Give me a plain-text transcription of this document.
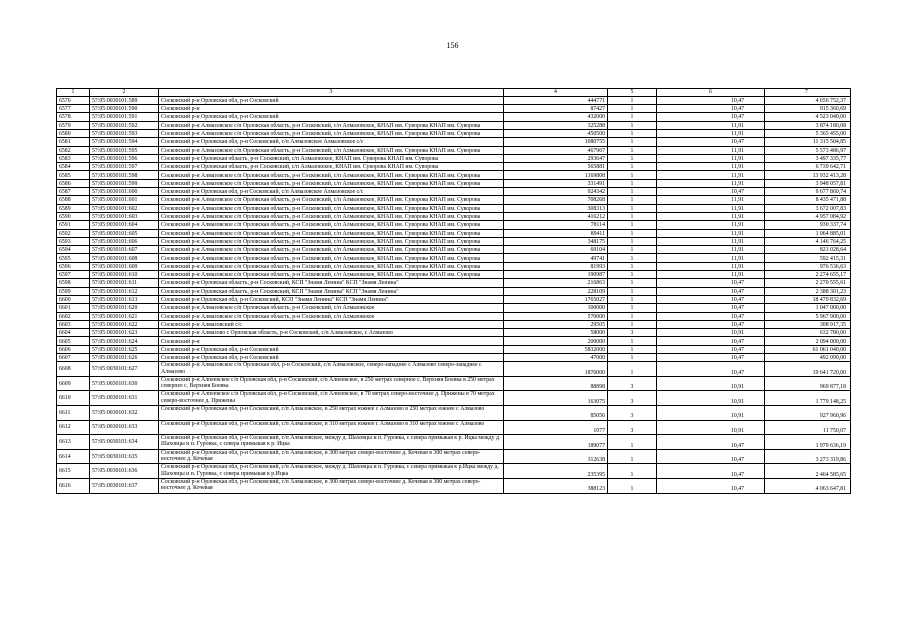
156
1	2	3	4	5	6	7
6576	57:05:0030101:589	Сосковский р-н Орловская обл, р-н Сосковский	444771	1	10,47	4 656 752,37
6577	57:05:0030101:590	Сосковский р-н	87427	1	10,47	915 360,69
6578	57:05:0030101:591	Сосковский р-н Орловская обл, р-н Сосковский	432000	1	10,47	4 523 040,00
6579	57:05:0030101:592	Сосковский р-н Алмазовское с/п Орловская область, р-н Сосковский, с/п Алмазовское, КНАП им. Суворова КНАП им. Суворова	325288	1	11,91	3 874 180,08
6580	57:05:0030101:593	Сосковский р-н Алмазовское с/п Орловская область, р-н Сосковский, с/п Алмазовское, КНАП им. Суворова КНАП им. Суворова	450500	1	11,91	5 365 455,00
6581	57:05:0030101:594	Сосковский р-н Орловская обл, р-н Сосковский, с/п Алмазовское Алмазовское с/с	1080755	1	10,47	11 315 504,85
6582	57:05:0030101:595	Сосковский р-н Алмазовское с/п Орловская область, р-н Сосковский, с/п Алмазовское, КНАП им. Суворова КНАП им. Суворова	467967	1	11,91	5 573 486,97
6583	57:05:0030101:596	Сосковский р-н Орловская область, р-н Сосковский, с/п Алмазовское, КНАП им. Суворова КНАП им. Суворова	293647	1	11,91	3 497 335,77
6584	57:05:0030101:597	Сосковский р-н Орловская область, р-н Сосковский, с/п Алмазовское, КНАП им. Суворова КНАП им. Суворова	565881	1	11,91	6 739 642,71
6585	57:05:0030101:598	Сосковский р-н Алмазовское с/п Орловская область, р-н Сосковский, с/п Алмазовское, КНАП им. Суворова КНАП им. Суворова	1169808	1	11,91	13 932 413,28
6586	57:05:0030101:599	Сосковский р-н Алмазовское с/п Орловская область, р-н Сосковский, с/п Алмазовское, КНАП им. Суворова КНАП им. Суворова	331491	1	11,91	3 948 057,81
6587	57:05:0030101:600	Сосковский р-н Орловская обл, р-н Сосковский, с/п Алмазовское Алмазовское с/с	924342	1	10,47	9 677 860,74
6588	57:05:0030101:601	Сосковский р-н Алмазовское с/п Орловская область, р-н Сосковский, с/п Алмазовское, КНАП им. Суворова КНАП им. Суворова	708268	1	11,91	8 435 471,88
6589	57:05:0030101:602	Сосковский р-н Алмазовское с/п Орловская область, р-н Сосковский, с/п Алмазовское, КНАП им. Суворова КНАП им. Суворова	308313	1	11,91	3 672 007,83
6590	57:05:0030101:603	Сосковский р-н Алмазовское с/п Орловская область, р-н Сосковский, с/п Алмазовское, КНАП им. Суворова КНАП им. Суворова	416212	1	11,91	4 957 084,92
6591	57:05:0030101:604	Сосковский р-н Алмазовское с/п Орловская область, р-н Сосковский, с/п Алмазовское, КНАП им. Суворова КНАП им. Суворова	78114	1	11,91	930 337,74
6592	57:05:0030101:605	Сосковский р-н Алмазовское с/п Орловская область, р-н Сосковский, с/п Алмазовское, КНАП им. Суворова КНАП им. Суворова	89411	1	11,91	1 064 885,01
6593	57:05:0030101:606	Сосковский р-н Алмазовское с/п Орловская область, р-н Сосковский, с/п Алмазовское, КНАП им. Суворова КНАП им. Суворова	348175	1	11,91	4 146 764,25
6594	57:05:0030101:607	Сосковский р-н Алмазовское с/п Орловская область, р-н Сосковский, с/п Алмазовское, КНАП им. Суворова КНАП им. Суворова	69104	1	11,91	823 028,64
6595	57:05:0030101:608	Сосковский р-н Алмазовское с/п Орловская область, р-н Сосковский, с/п Алмазовское, КНАП им. Суворова КНАП им. Суворова	49741	1	11,91	592 415,31
6596	57:05:0030101:609	Сосковский р-н Алмазовское с/п Орловская область, р-н Сосковский, с/п Алмазовское, КНАП им. Суворова КНАП им. Суворова	81993	1	11,91	976 536,63
6597	57:05:0030101:610	Сосковский р-н Алмазовское с/п Орловская область, р-н Сосковский, с/п Алмазовское, КНАП им. Суворова КНАП им. Суворова	190987	1	11,91	2 274 655,17
6598	57:05:0030101:611	Сосковский р-н Орловская область, р-н Сосковский, КСП "Знамя Ленина" КСП "Знамя Ленина"	216863	1	10,47	2 270 555,61
6599	57:05:0030101:612	Сосковский р-н Орловская область, р-н Сосковский, КСП "Знамя Ленина" КСП "Знамя Ленина"	228109	1	10,47	2 388 301,23
6600	57:05:0030101:613	Сосковский р-н Орловская обл, р-н Сосковский, КСП "Знамя Ленина" КСП "Знамя Ленина"	1765027	1	10,47	18 479 832,69
6601	57:05:0030101:620	Сосковский р-н Алмазовское с/п Орловская область, р-н Сосковский, с/п Алмазовское	100000	1	10,47	1 047 000,00
6602	57:05:0030101:621	Сосковский р-н Алмазовское с/п Орловская область, р-н Сосковский, с/п Алмазовское	570000	1	10,47	5 967 900,00
6603	57:05:0030101:622	Сосковский р-н Алмазовский с/с	29505	1	10,47	308 917,35
6604	57:05:0030101:623	Сосковский р-н Алмазово с Орловская область, р-н Сосковский, с/п Алмазовское, с Алмазово	58000	3	10,91	632 780,00
6605	57:05:0030101:624	Сосковский р-н	200000	1	10,47	2 094 000,00
6606	57:05:0030101:625	Сосковский р-н Орловская обл, р-н Сосковский	5832000	1	10,47	61 061 040,00
6607	57:05:0030101:626	Сосковский р-н Орловская обл, р-н Сосковский	47000	1	10,47	492 090,00
6608	57:05:0030101:627	Сосковский р-н Алмазовское с/п Орловская обл, р-н Сосковский, с/п Алмазовское, северо-западнее с Алмазово северо-западнее с Алмазово	1876000	1	10,47	19 641 720,00
6609	57:05:0030101:630	Сосковский р-н Алпеевское с/п Орловская обл, р-н Сосковский, с/п Алпеевское, в 250 метрах северное с. Верхняя Боевка в 250 метрах северпее с. Верхняя Боевка	88898	3	10,91	969 877,18
6610	57:05:0030101:631	Сосковский р-н Алпеевское с/п Орловская обл, р-н Сосковский, с/п Алпеевское, в 70 метрах северо-восточнее д. Прижены в 70 метрах северо-восточнее д. Прижены	163075	3	10,91	1 779 148,25
6611	57:05:0030101:632	Сосковский р-н Орловская обл, р-н Сосковский, с/п Алмазовское, в 250 метрах южнее с Алмазово в 250 метрах южнее с Алмазово	85056	3	10,91	927 960,96
6612	57:05:0030101:633	Сосковский р-н Орловская обл, р-н Сосковский, с/п Алмазовское, в 310 метрах южнее с Алмазово в 310 метрах южнее с Алмазово	1077	3	10,91	11 750,07
6613	57:05:0030101:634	Сосковский р-н Орловская обл, р-н Сосковский, с/п Алмазовское, между д. Шаховцы и п. Гуровка, с севера примыкая к р. Ицка между д. Шаховцы и п. Гуровка, с севера примыкая к р. Ицка	189077	1	10,47	1 979 636,19
6614	57:05:0030101:635	Сосковский р-н Орловская обл, р-н Сосковский, с/п Алмазовское, в 300 метрах северо-восточнее д. Кочевая в 300 метрах северо-восточнее д. Кочевая	312638	1	10,47	3 273 319,86
6615	57:05:0030101:636	Сосковский р-н Орловская обл, р-н Сосковский, с/п Алмазовское, между д. Шаховцы и п. Гуровка, с севера примыкая к р.Ицка между д. Шаховцы и п. Гуровка, с севера примыкая к р.Ицка	235395	1	10,47	2 464 585,65
6616	57:05:0030101:637	Сосковский р-н Орловская обл, р-н Сосковский, с/п Алмазовское, в 300 метрах северо-восточнее д. Кочевая в 300 метрах северо-восточнее д. Кочевая	388123	1	10,47	4 063 647,81
